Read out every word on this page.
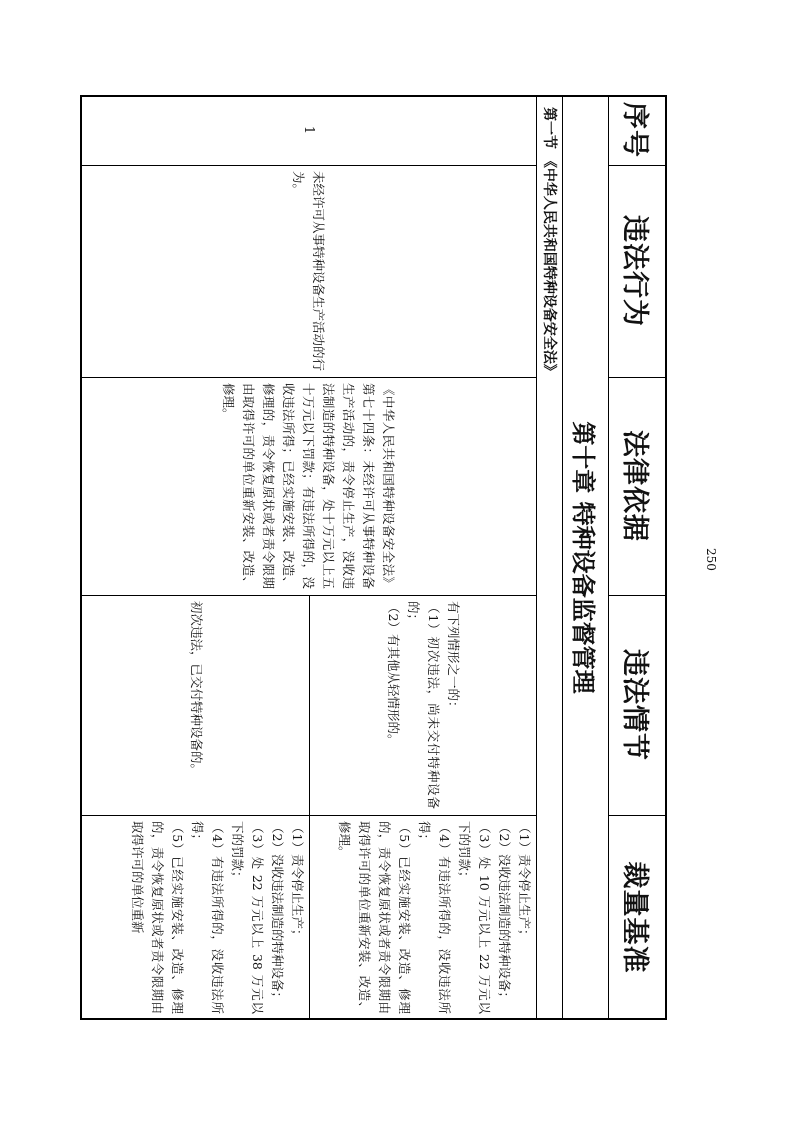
序号
违法行为
法律依据
违法情节
裁量基准
第十章 特种设备监督管理
第一节 《中华人民共和国特种设备安全法》
1

未经许可从事特种设备生产活动的行为。

《中华人民共和国特种设备安全法》第七十四条：未经许可从事特种设备生产活动的，责令停止生产，没收违法制造的特种设备，处十万元以上五十万元以下罚款；有违法所得的，没收违法所得；已经实施安装、改造、修理的，责令恢复原状或者责令限期由取得许可的单位重新安装、改造、修理。

有下列情形之一的：
（1）初次违法，尚未交付特种设备的；
（2）有其他从轻情形的。
（1）责令停止生产；
（2）没收违法制造的特种设备；
（3）处 10 万元以上 22 万元以下的罚款；
（4）有违法所得的，没收违法所得；
（5）已经实施安装、改造、修理的，责令恢复原状或者责令限期由取得许可的单位重新安装、改造、修理。

初次违法，已交付特种设备的。

（1）责令停止生产；
（2）没收违法制造的特种设备；
（3）处 22 万元以上 38 万元以下的罚款；
（4）有违法所得的，没收违法所得；
（5）已经实施安装、改造、修理的，责令恢复原状或者责令限期由取得许可的单位重新
250
